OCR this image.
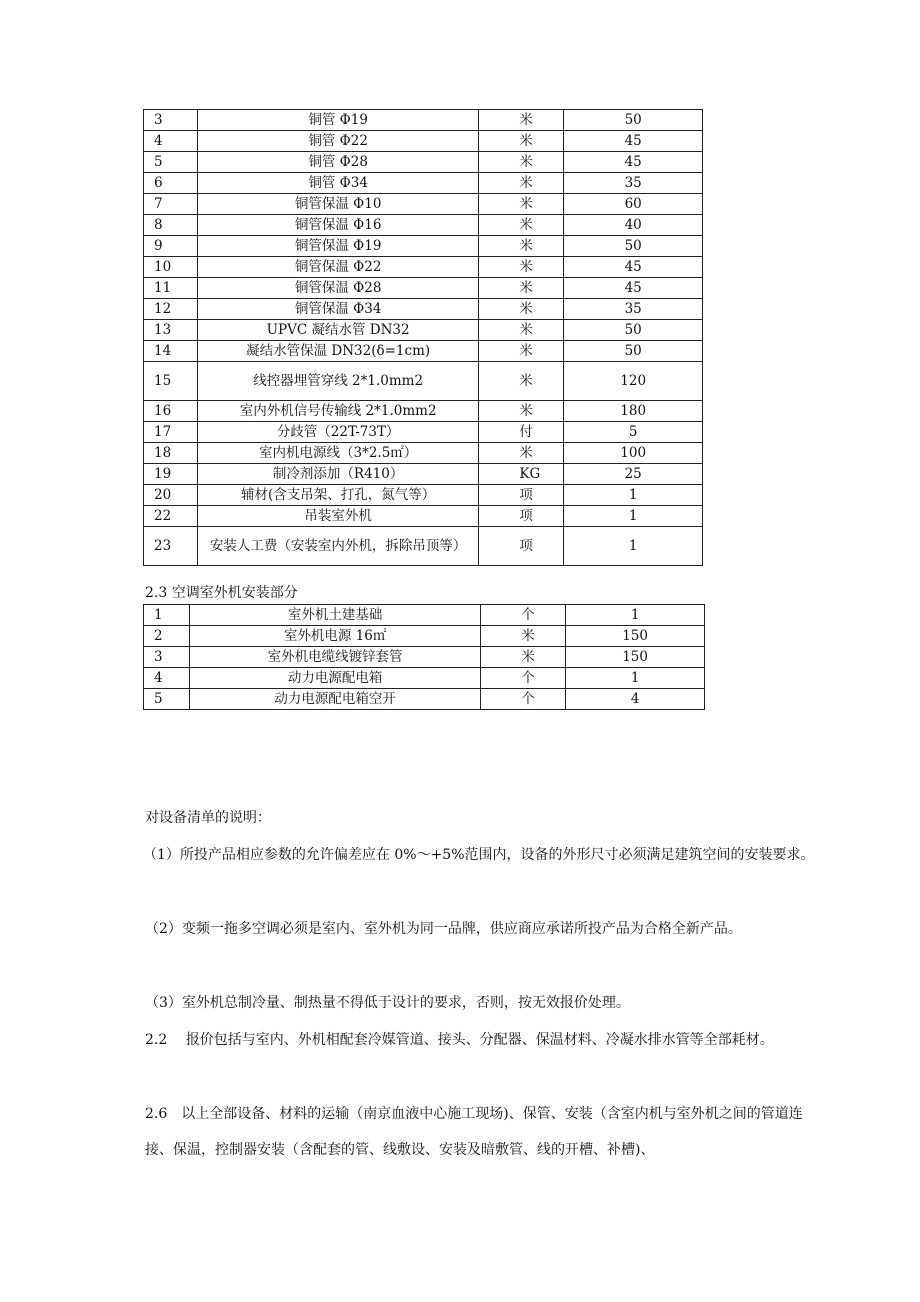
3	铜管 Φ19	米	50
4	铜管 Φ22	米	45
5	铜管 Φ28	米	45
6	铜管 Φ34	米	35
7	铜管保温 Φ10	米	60
8	铜管保温 Φ16	米	40
9	铜管保温 Φ19	米	50
10	铜管保温 Φ22	米	45
11	铜管保温 Φ28	米	45
12	铜管保温 Φ34	米	35
13	UPVC 凝结水管 DN32	米	50
14	凝结水管保温 DN32(δ=1cm)	米	50
15	线控器埋管穿线 2*1.0mm2	米	120
16	室内外机信号传输线 2*1.0mm2	米	180
17	分歧管（22T-73T）	付	5
18	室内机电源线（3*2.5㎡）	米	100
19	制冷剂添加（R410）	KG	25
20	辅材(含支吊架、打孔，氮气等）	项	1
22	吊装室外机	项	1
23	安装人工费（安装室内外机，拆除吊顶等）	项	1
2.3 空调室外机安装部分
1	室外机土建基础	个	1
2	室外机电源 16㎡	米	150
3	室外机电缆线镀锌套管	米	150
4	动力电源配电箱	个	1
5	动力电源配电箱空开	个	4

对设备清单的说明：

（1）所投产品相应参数的允许偏差应在 0%～+5%范围内，设备的外形尺寸必须满足建筑空间的安装要求。

（2）变频一拖多空调必须是室内、室外机为同一品牌，供应商应承诺所投产品为合格全新产品。

（3）室外机总制冷量、制热量不得低于设计的要求，否则，按无效报价处理。

2.2　 报价包括与室内、外机相配套冷媒管道、接头、分配器、保温材料、冷凝水排水管等全部耗材。

2.6　以上全部设备、材料的运输（南京血液中心施工现场)、保管、安装（含室内机与室外机之间的管道连接、保温，控制器安装（含配套的管、线敷设、安装及暗敷管、线的开槽、补槽)、
